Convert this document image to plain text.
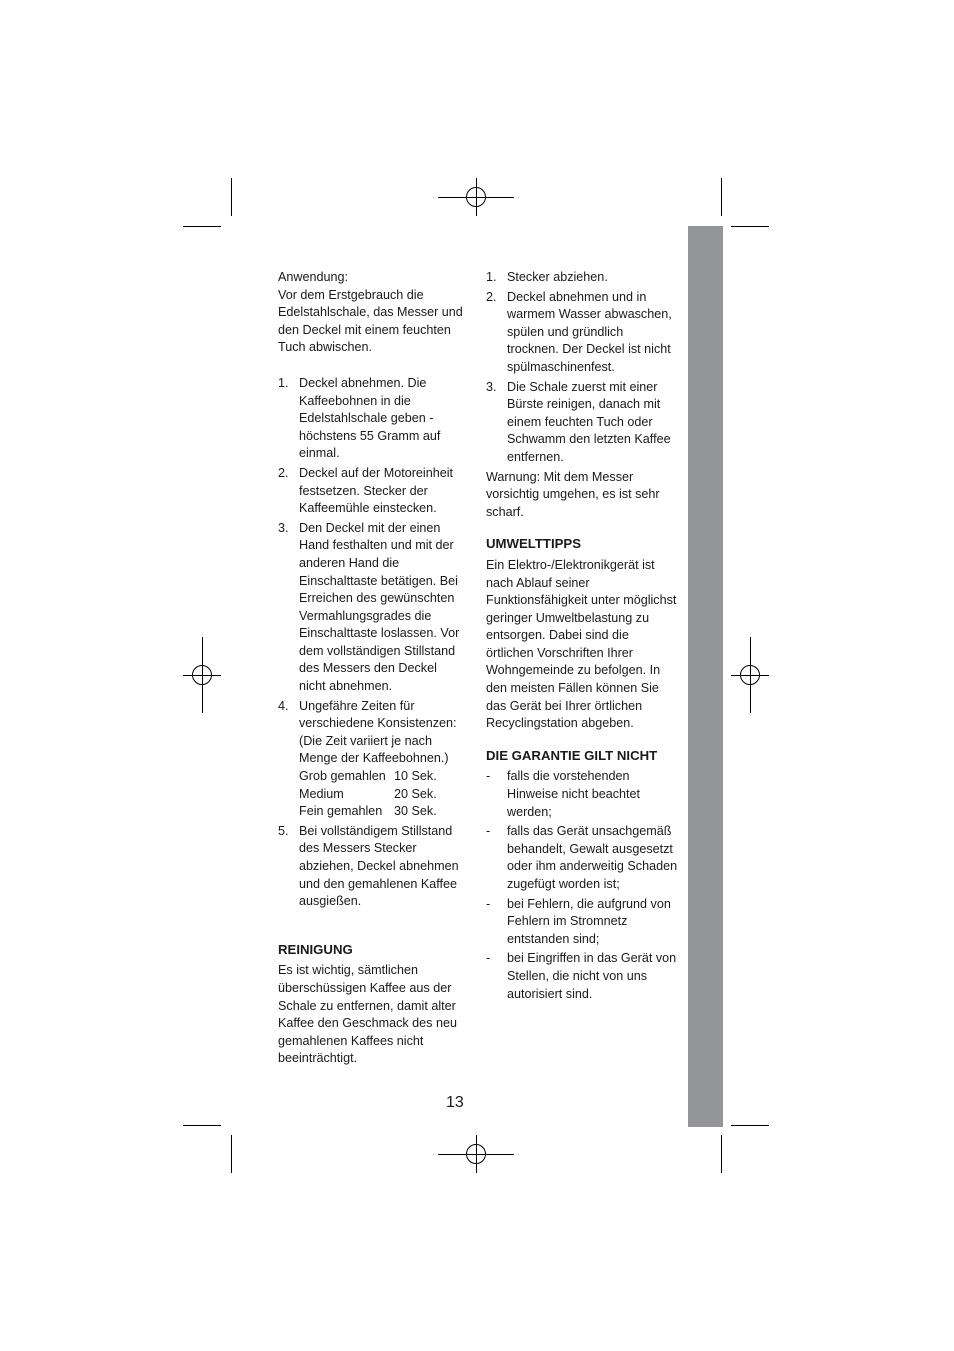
Anwendung:

Vor dem Erstgebrauch die Edelstahlschale, das Messer und den Deckel mit einem feuchten Tuch abwischen.

1. Deckel abnehmen. Die Kaffeebohnen in die Edelstahlschale geben - höchstens 55 Gramm auf einmal.
2. Deckel auf der Motoreinheit festsetzen. Stecker der Kaffeemühle einstecken.
3. Den Deckel mit der einen Hand festhalten und mit der anderen Hand die Einschalttaste betätigen. Bei Erreichen des gewünschten Vermahlungsgrades die Einschalttaste loslassen. Vor dem vollständigen Stillstand des Messers den Deckel nicht abnehmen.
4. Ungefähre Zeiten für verschiedene Konsistenzen: (Die Zeit variiert je nach Menge der Kaffeebohnen.)
Grob gemahlen 10 Sek.
Medium	20 Sek.
Fein gemahlen 30 Sek.
5. Bei vollständigem Stillstand des Messers Stecker abziehen, Deckel abnehmen und den gemahlenen Kaffee ausgießen.
REINIGUNG

Es ist wichtig, sämtlichen überschüssigen Kaffee aus der Schale zu entfernen, damit alter Kaffee den Geschmack des neu gemahlenen Kaffees nicht beeinträchtigt.

1. Stecker abziehen.
2. Deckel abnehmen und in warmem Wasser abwaschen, spülen und gründlich trocknen. Der Deckel ist nicht spülmaschinenfest.
3. Die Schale zuerst mit einer Bürste reinigen, danach mit einem feuchten Tuch oder Schwamm den letzten Kaffee entfernen.

Warnung: Mit dem Messer vorsichtig umgehen, es ist sehr scharf.

UMWELTTIPPS

Ein Elektro-/Elektronikgerät ist nach Ablauf seiner Funktionsfähigkeit unter möglichst geringer Umweltbelastung zu entsorgen. Dabei sind die örtlichen Vorschriften Ihrer Wohngemeinde zu befolgen. In den meisten Fällen können Sie das Gerät bei Ihrer örtlichen Recyclingstation abgeben.

DIE GARANTIE GILT NICHT
- falls die vorstehenden Hinweise nicht beachtet werden;
- falls das Gerät unsachgemäß behandelt, Gewalt ausgesetzt oder ihm anderweitig Schaden zugefügt worden ist;
- bei Fehlern, die aufgrund von Fehlern im Stromnetz entstanden sind;
- bei Eingriffen in das Gerät von Stellen, die nicht von uns autorisiert sind.
13
